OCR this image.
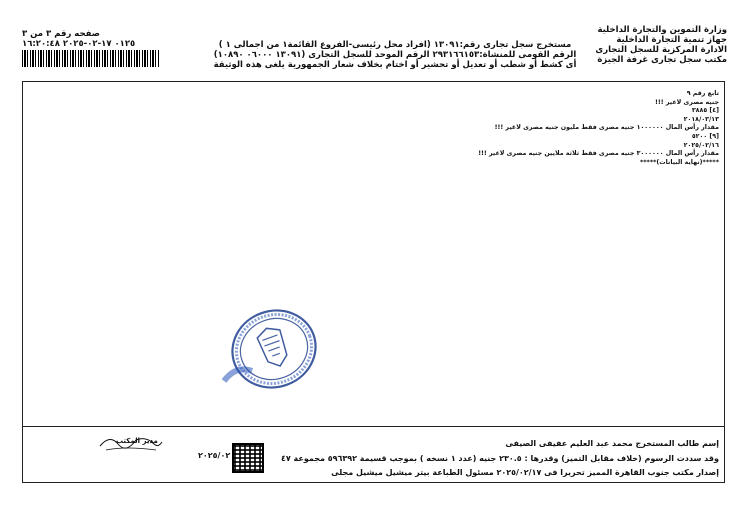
وزارة التموين والتجارة الداخلية
جهاز تنمية التجارة الداخلية
الادارة المركزية للسجل التجارى
مكتب سجل تجارى غرفة الجيزة
مستخرج سجل تجارى رقم:١٣٠٩١ (افراد محل رئيسى-الفروع القائمة١ من اجمالى ١ )
الرقم القومى للمنشاة:٢٩٣١٦٦١٥٣ الرقم الموحد للسجل التجارى (١٣٠٩١ ٠٦٠٠٠ ١٠٨٩٠)
أى كشط أو شطب أو تعديل أو تحشير أو اختام بخلاف شعار الجمهورية يلغى هذه الوثيقة
صفحه رقم ٣ من ٣
٠١٢٥ ١٧-٠٢-٢٠٢٥ ١٦:٢٠:٤٨
تابع رقم ٩
جنيه مصرى لاغير !!!
[٤] ٣٨٨٥
٢٠١٨/٠٣/١٣
مقدار رأس المال ١٠٠٠٠٠٠ جنيه مصرى فقط مليون جنيه مصرى لاغير !!!
[٩] ٥٢٠٠
٢٠٢٥/٠٢/١٦
مقدار رأس المال ٣٠٠٠٠٠٠ جنيه مصرى فقط ثلاثة ملايين جنيه مصرى لاغير !!!
*****(نهاية البيانات)*****
إسم طالب المستخرج محمد عبد العليم عفيفى الصيفى
وقد سددت الرسوم (خلاف مقابل التميز) وقدرها : ٢٣٠.٥ جنيه (عدد ١ نسخه ) بموجب قسيمة ٥٩٦٣٩٢ مجموعة ٤٧
إصدار مكتب جنوب القاهرة المميز تحريرا فى ٢٠٢٥/٠٢/١٧ مسئول الطباعة بيتر ميشيل ميشيل مجلى
٢٠٢٥/٠٢
مدير المكتب
